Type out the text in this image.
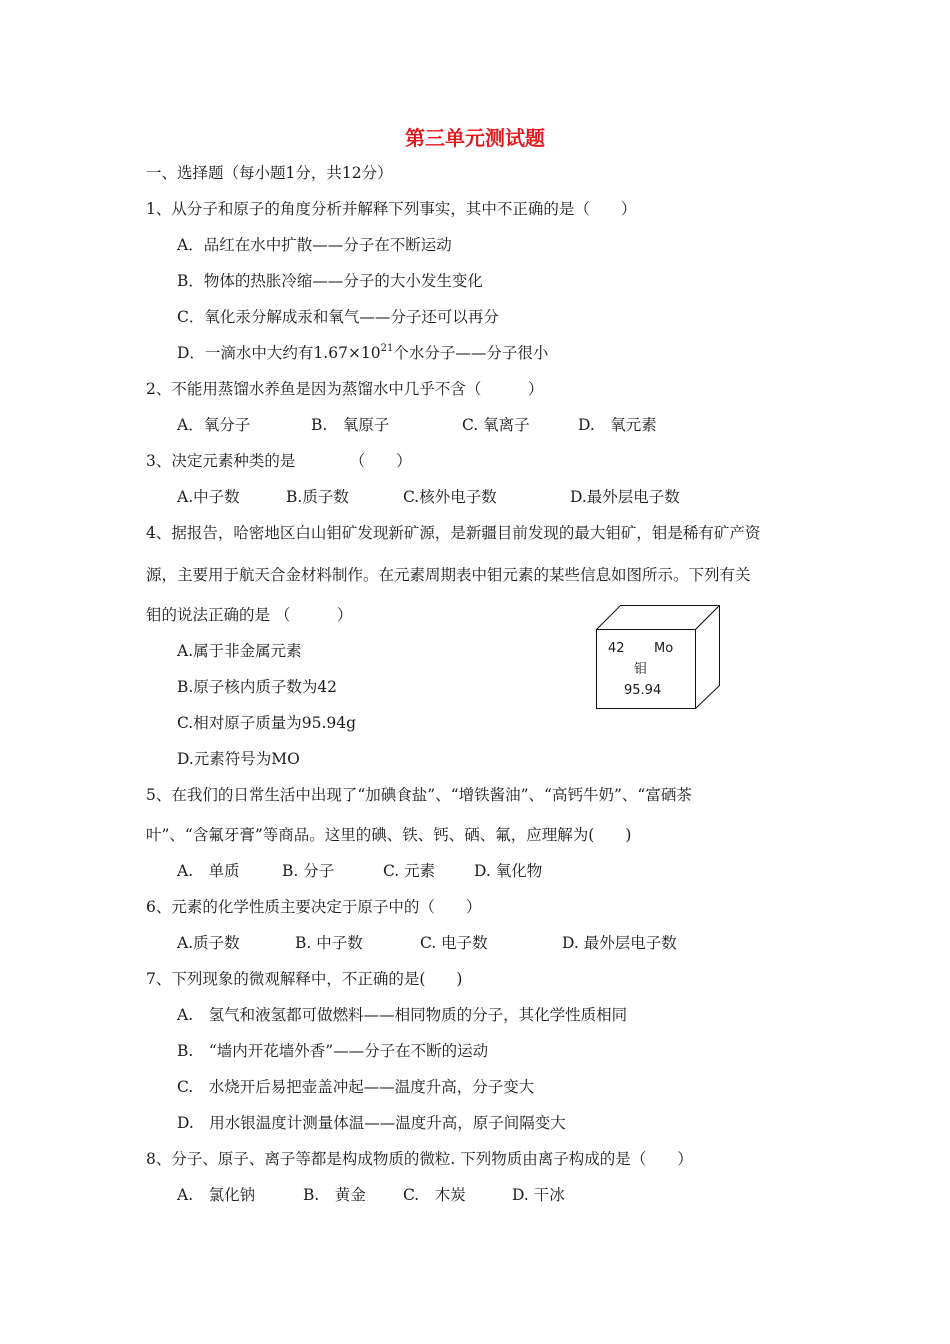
第三单元测试题
一、选择题（每小题1分，共12分）
1、从分子和原子的角度分析并解释下列事实，其中不正确的是（　　）
A．品红在水中扩散——分子在不断运动
B．物体的热胀冷缩——分子的大小发生变化
C．氧化汞分解成汞和氧气——分子还可以再分
D．一滴水中大约有$1.67\times 10^{21}$个水分子——分子很小
2、不能用蒸馏水养鱼是因为蒸馏水中几乎不含（　　　）
A．氧分子	B.　氧原子	C. 氧离子	D.　氧元素
3、决定元素种类的是　　　　（　　）
A.中子数	B.质子数	C.核外电子数	D.最外层电子数
4、据报告，哈密地区白山钼矿发现新矿源，是新疆目前发现的最大钼矿，钼是稀有矿产资
源，主要用于航天合金材料制作。在元素周期表中钼元素的某些信息如图所示。下列有关
钼的说法正确的是 （　　　）
A.属于非金属元素
B.原子核内质子数为42
C.相对原子质量为95.94g
D.元素符号为MO
42 Mo
钼
95.94
5、在我们的日常生活中出现了“加碘食盐”、“增铁酱油”、“高钙牛奶”、“富硒茶
叶”、“含氟牙膏”等商品。这里的碘、铁、钙、硒、氟，应理解为(　　)
A.　单质	B. 分子	C. 元素	D. 氧化物
6、元素的化学性质主要决定于原子中的（　　）
A.质子数	B. 中子数	C. 电子数	D. 最外层电子数
7、下列现象的微观解释中，不正确的是(　　)
A.　氢气和液氢都可做燃料——相同物质的分子，其化学性质相同
B.　“墙内开花墙外香”——分子在不断的运动
C.　水烧开后易把壶盖冲起——温度升高，分子变大
D.　用水银温度计测量体温——温度升高，原子间隔变大
8、分子、原子、离子等都是构成物质的微粒. 下列物质由离子构成的是（　　）
A.　氯化钠	B.　黄金 C.　木炭	D. 干冰
